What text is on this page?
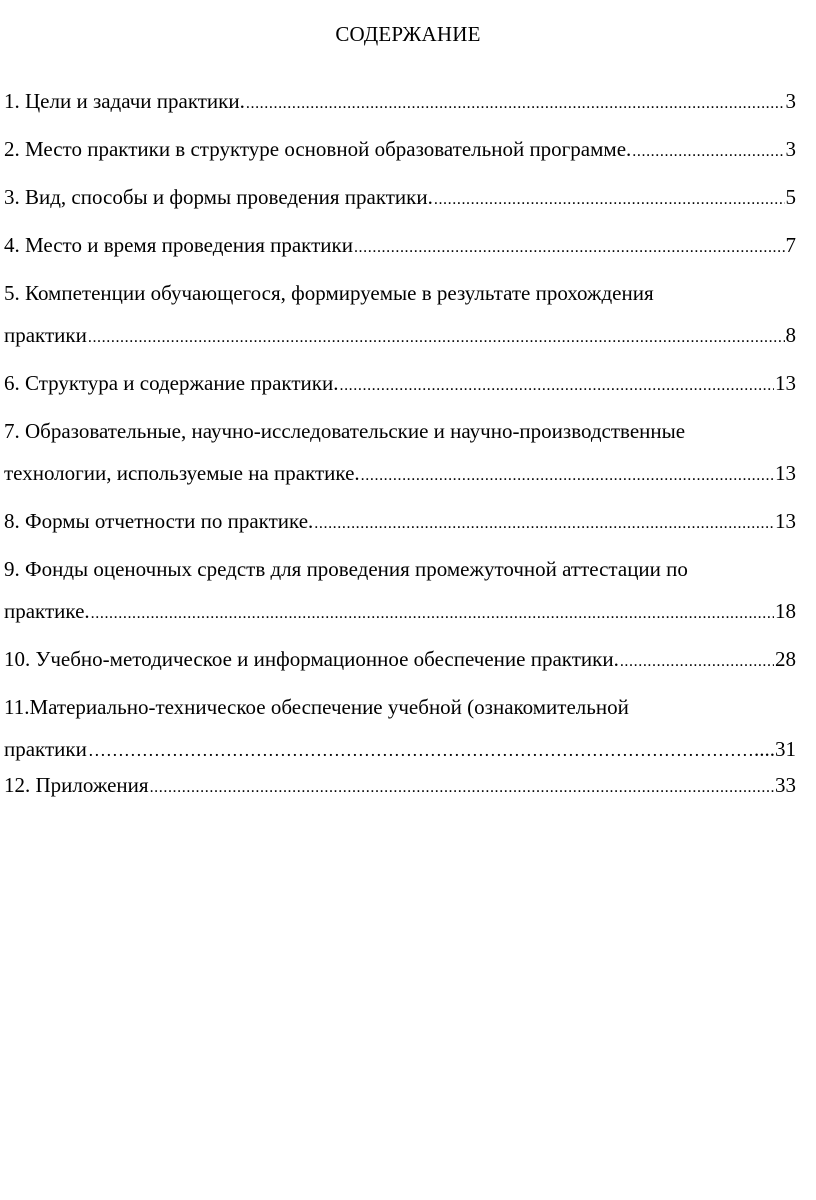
СОДЕРЖАНИЕ
1. Цели и задачи практики. .....	3
2. Место практики в структуре основной образовательной программе. .....	3
3. Вид, способы и формы проведения практики. .....	5
4. Место и время проведения практики .....	7
5. Компетенции обучающегося, формируемые в результате прохождения
практики .....	8
6. Структура и содержание практики. .....	13
7. Образовательные, научно-исследовательские и научно-производственные
технологии, используемые на практике. .....	13
8. Формы отчетности по практике. .....	13
9. Фонды оценочных средств для проведения промежуточной аттестации по
практике. .....	18
10. Учебно-методическое и информационное обеспечение практики. .....	28
11.Материально-техническое обеспечение учебной (ознакомительной
практики …………………………………………………………………………………………………………………………………………………………	....31
12. Приложения .....	33
